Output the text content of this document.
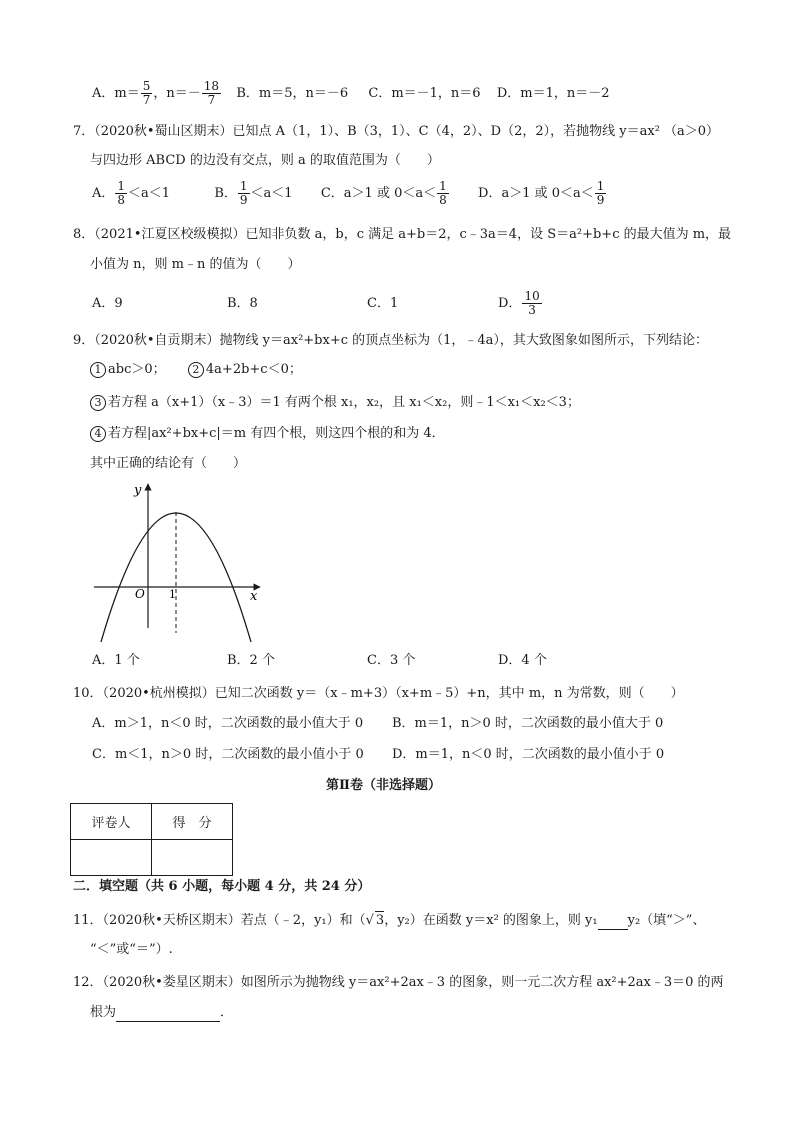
A．$m= \frac{5}{7}$ ，$n=- \frac{18}{7}$ B．m＝5，n＝－6 C．m＝－1，n＝6 D．m＝1，n＝－2
7．（2020秋•蜀山区期末）已知点 A（1，1）、B（3，1）、C（4，2）、D（2，2），若抛物线 y＝ax² （a＞0）
与四边形 ABCD 的边没有交点，则 a 的取值范围为（　　）
A． $\frac{1}{8} <a<1$	B． $\frac{1}{9} <a<1$ C．a＞1 或 $0<a< \frac{1}{8}$ D．a＞1 或 $0<a< \frac{1}{9}$
8．（2021•江夏区校级模拟）已知非负数 a，b，c 满足 a+b＝2，c﹣3a＝4，设 S＝a²+b+c 的最大值为 m，最
小值为 n，则 m﹣n 的值为（　　）
A．9	B．8	C．1	D． $\frac{10}{3}$
9．（2020秋•自贡期末）抛物线 y＝ax²+bx+c 的顶点坐标为（1，﹣4a），其大致图象如图所示，下列结论：
1 abc＞0； 2 4a+2b+c＜0；
3 若方程 a（x+1）（x﹣3）＝1 有两个根 x₁，x₂，且 x₁＜x₂，则﹣1＜x₁＜x₂＜3；
4 若方程|ax²+bx+c|＝m 有四个根，则这四个根的和为 4．
其中正确的结论有（　　）
y
x
O 1
A．1 个	B．2 个	C．3 个	D．4 个
10．（2020•杭州模拟）已知二次函数 y＝（x﹣m+3）（x+m﹣5）+n，其中 m，n 为常数，则（　　）
A．m＞1，n＜0 时，二次函数的最小值大于 0 B．m＝1，n＞0 时，二次函数的最小值大于 0
C．m＜1，n＞0 时，二次函数的最小值小于 0 D．m＝1，n＜0 时，二次函数的最小值小于 0
第Ⅱ卷（非选择题）
评卷人	得　分

二．填空题（共 6 小题，每小题 4 分，共 24 分）
11．（2020秋•天桥区期末）若点（﹣2，y₁）和（√ 3，y₂）在函数 y＝x² 的图象上，则 y₁ y₂（填“＞”、
“＜”或“＝”）.
12．（2020秋•娄星区期末）如图所示为抛物线 y＝ax²+2ax﹣3 的图象，则一元二次方程 ax²+2ax﹣3＝0 的两
根为	．
